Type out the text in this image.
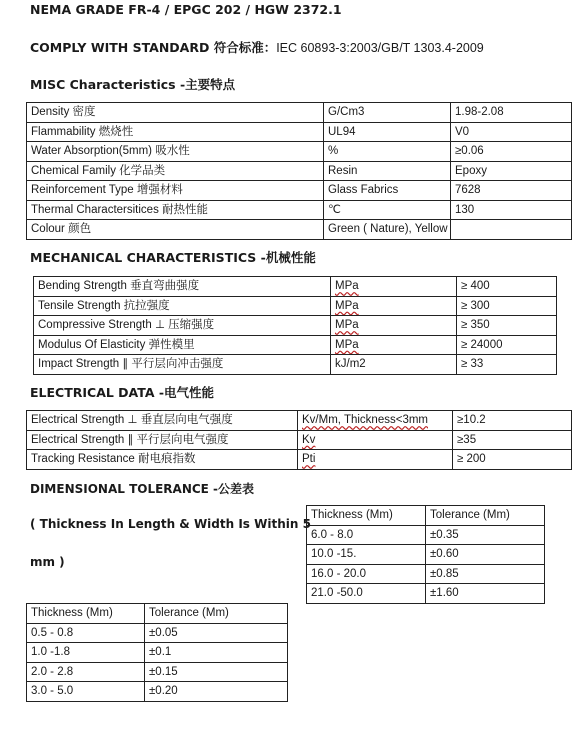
NEMA GRADE FR-4 / EPGC 202 / HGW 2372.1
COMPLY WITH STANDARD 符合标准：IEC 60893-3:2003/GB/T 1303.4-2009
MISC Characteristics -主要特点
Density 密度	G/Cm3	1.98-2.08
Flammability 燃烧性	UL94	V0
Water Absorption(5mm) 吸水性	%	≥0.06
Chemical Family 化学品类	Resin	Epoxy
Reinforcement Type 增强材料	Glass Fabrics	7628
Thermal Charactersitices 耐热性能	℃	130
Colour 颜色	Green ( Nature), Yellow	
MECHANICAL CHARACTERISTICS -机械性能
Bending Strength 垂直弯曲强度	MPa	≥ 400
Tensile Strength 抗拉强度	MPa	≥ 300
Compressive Strength ⊥ 压缩强度	MPa	≥ 350
Modulus Of Elasticity 弹性模里	MPa	≥ 24000
Impact Strength ∥ 平行层向冲击强度	kJ/m2	≥ 33
ELECTRICAL DATA -电气性能
Electrical Strength ⊥ 垂直层向电气强度	Kv/Mm, Thickness<3mm	≥10.2
Electrical Strength ∥ 平行层向电气强度	Kv	≥35
Tracking Resistance 耐电痕指数	Pti	≥ 200
DIMENSIONAL TOLERANCE -公差表
( Thickness In Length & Width Is Within 5
mm )
Thickness (Mm)	Tolerance (Mm)
6.0 - 8.0	±0.35
10.0 -15.	±0.60
16.0 - 20.0	±0.85
21.0 -50.0	±1.60
Thickness (Mm)	Tolerance (Mm)
0.5 - 0.8	±0.05
1.0 -1.8	±0.1
2.0 - 2.8	±0.15
3.0 - 5.0	±0.20
